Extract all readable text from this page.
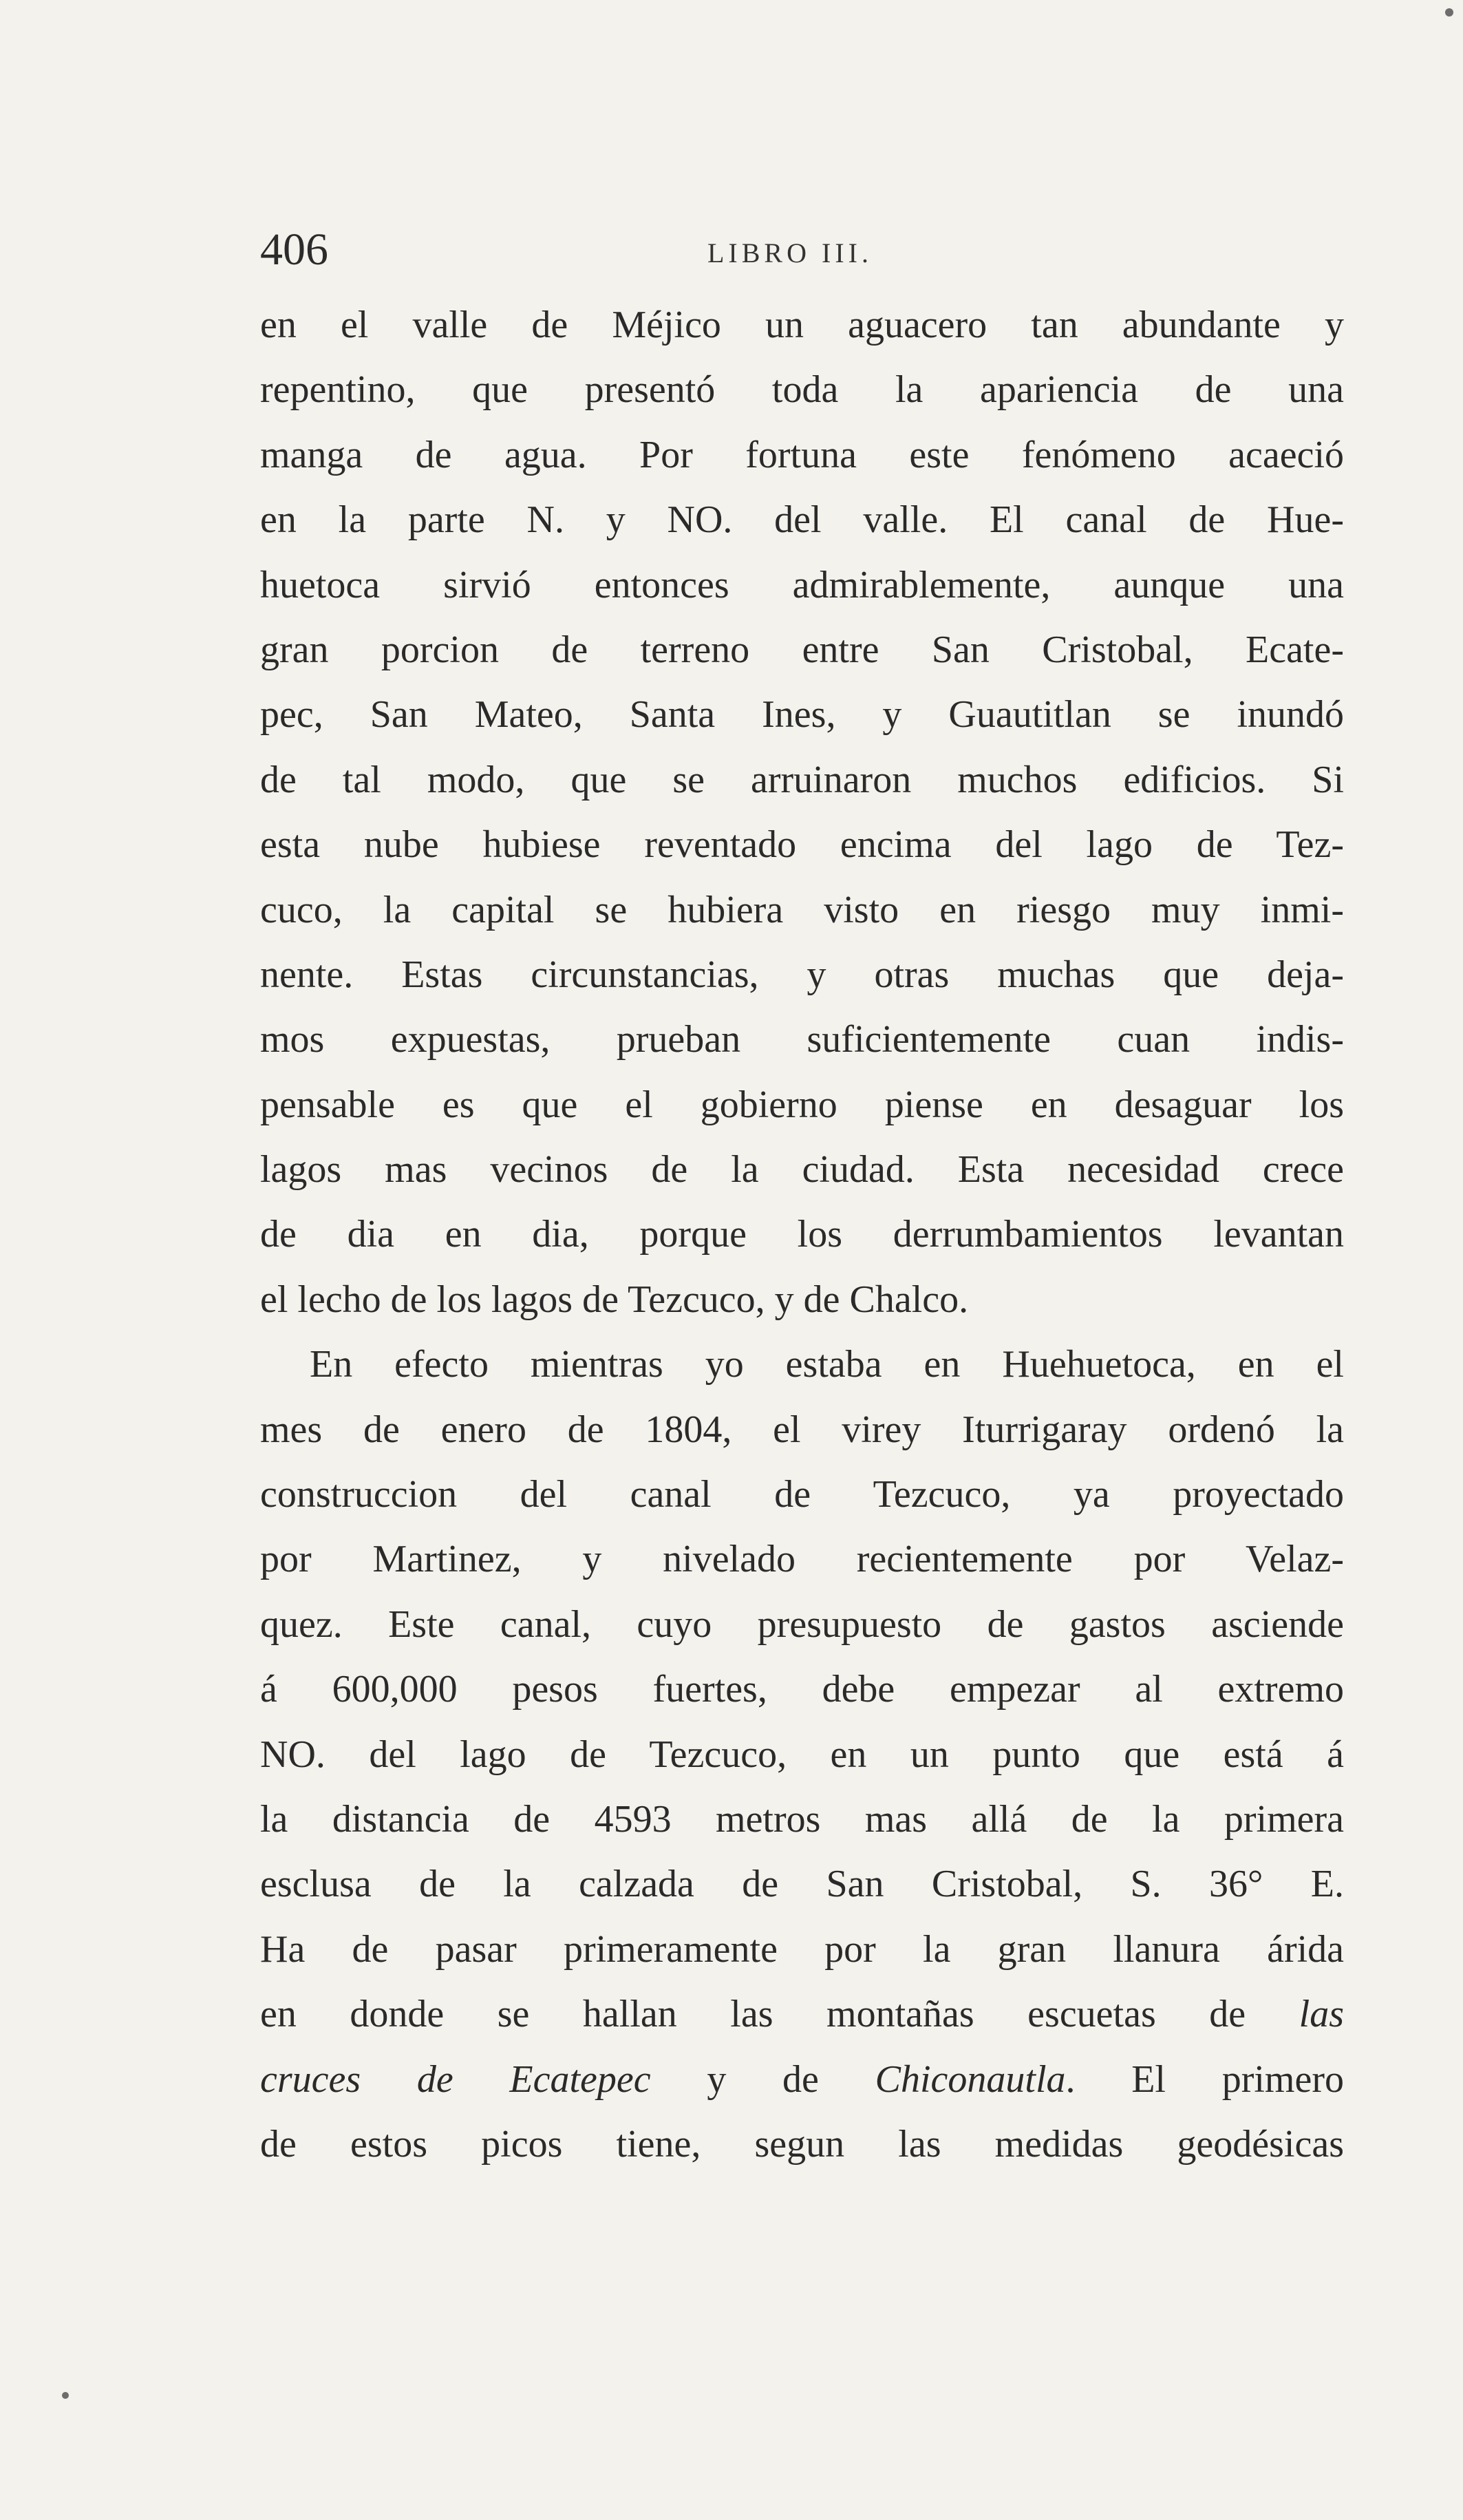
406	LIBRO III.
en el valle de Méjico un aguacero tan abundante y
repentino, que presentó toda la apariencia de una
manga de agua. Por fortuna este fenómeno acaeció
en la parte N. y NO. del valle. El canal de Hue-
huetoca sirvió entonces admirablemente, aunque una
gran porcion de terreno entre San Cristobal, Ecate-
pec, San Mateo, Santa Ines, y Guautitlan se inundó
de tal modo, que se arruinaron muchos edificios. Si
esta nube hubiese reventado encima del lago de Tez-
cuco, la capital se hubiera visto en riesgo muy inmi-
nente. Estas circunstancias, y otras muchas que deja-
mos expuestas, prueban suficientemente cuan indis-
pensable es que el gobierno piense en desaguar los
lagos mas vecinos de la ciudad. Esta necesidad crece
de dia en dia, porque los derrumbamientos levantan
el lecho de los lagos de Tezcuco, y de Chalco.
En efecto mientras yo estaba en Huehuetoca, en el
mes de enero de 1804, el virey Iturrigaray ordenó la
construccion del canal de Tezcuco, ya proyectado
por Martinez, y nivelado recientemente por Velaz-
quez. Este canal, cuyo presupuesto de gastos asciende
á 600,000 pesos fuertes, debe empezar al extremo
NO. del lago de Tezcuco, en un punto que está á
la distancia de 4593 metros mas allá de la primera
esclusa de la calzada de San Cristobal, S. 36° E.
Ha de pasar primeramente por la gran llanura árida
en donde se hallan las montañas escuetas de las
cruces de Ecatepec y de Chiconautla. El primero
de estos picos tiene, segun las medidas geodésicas
